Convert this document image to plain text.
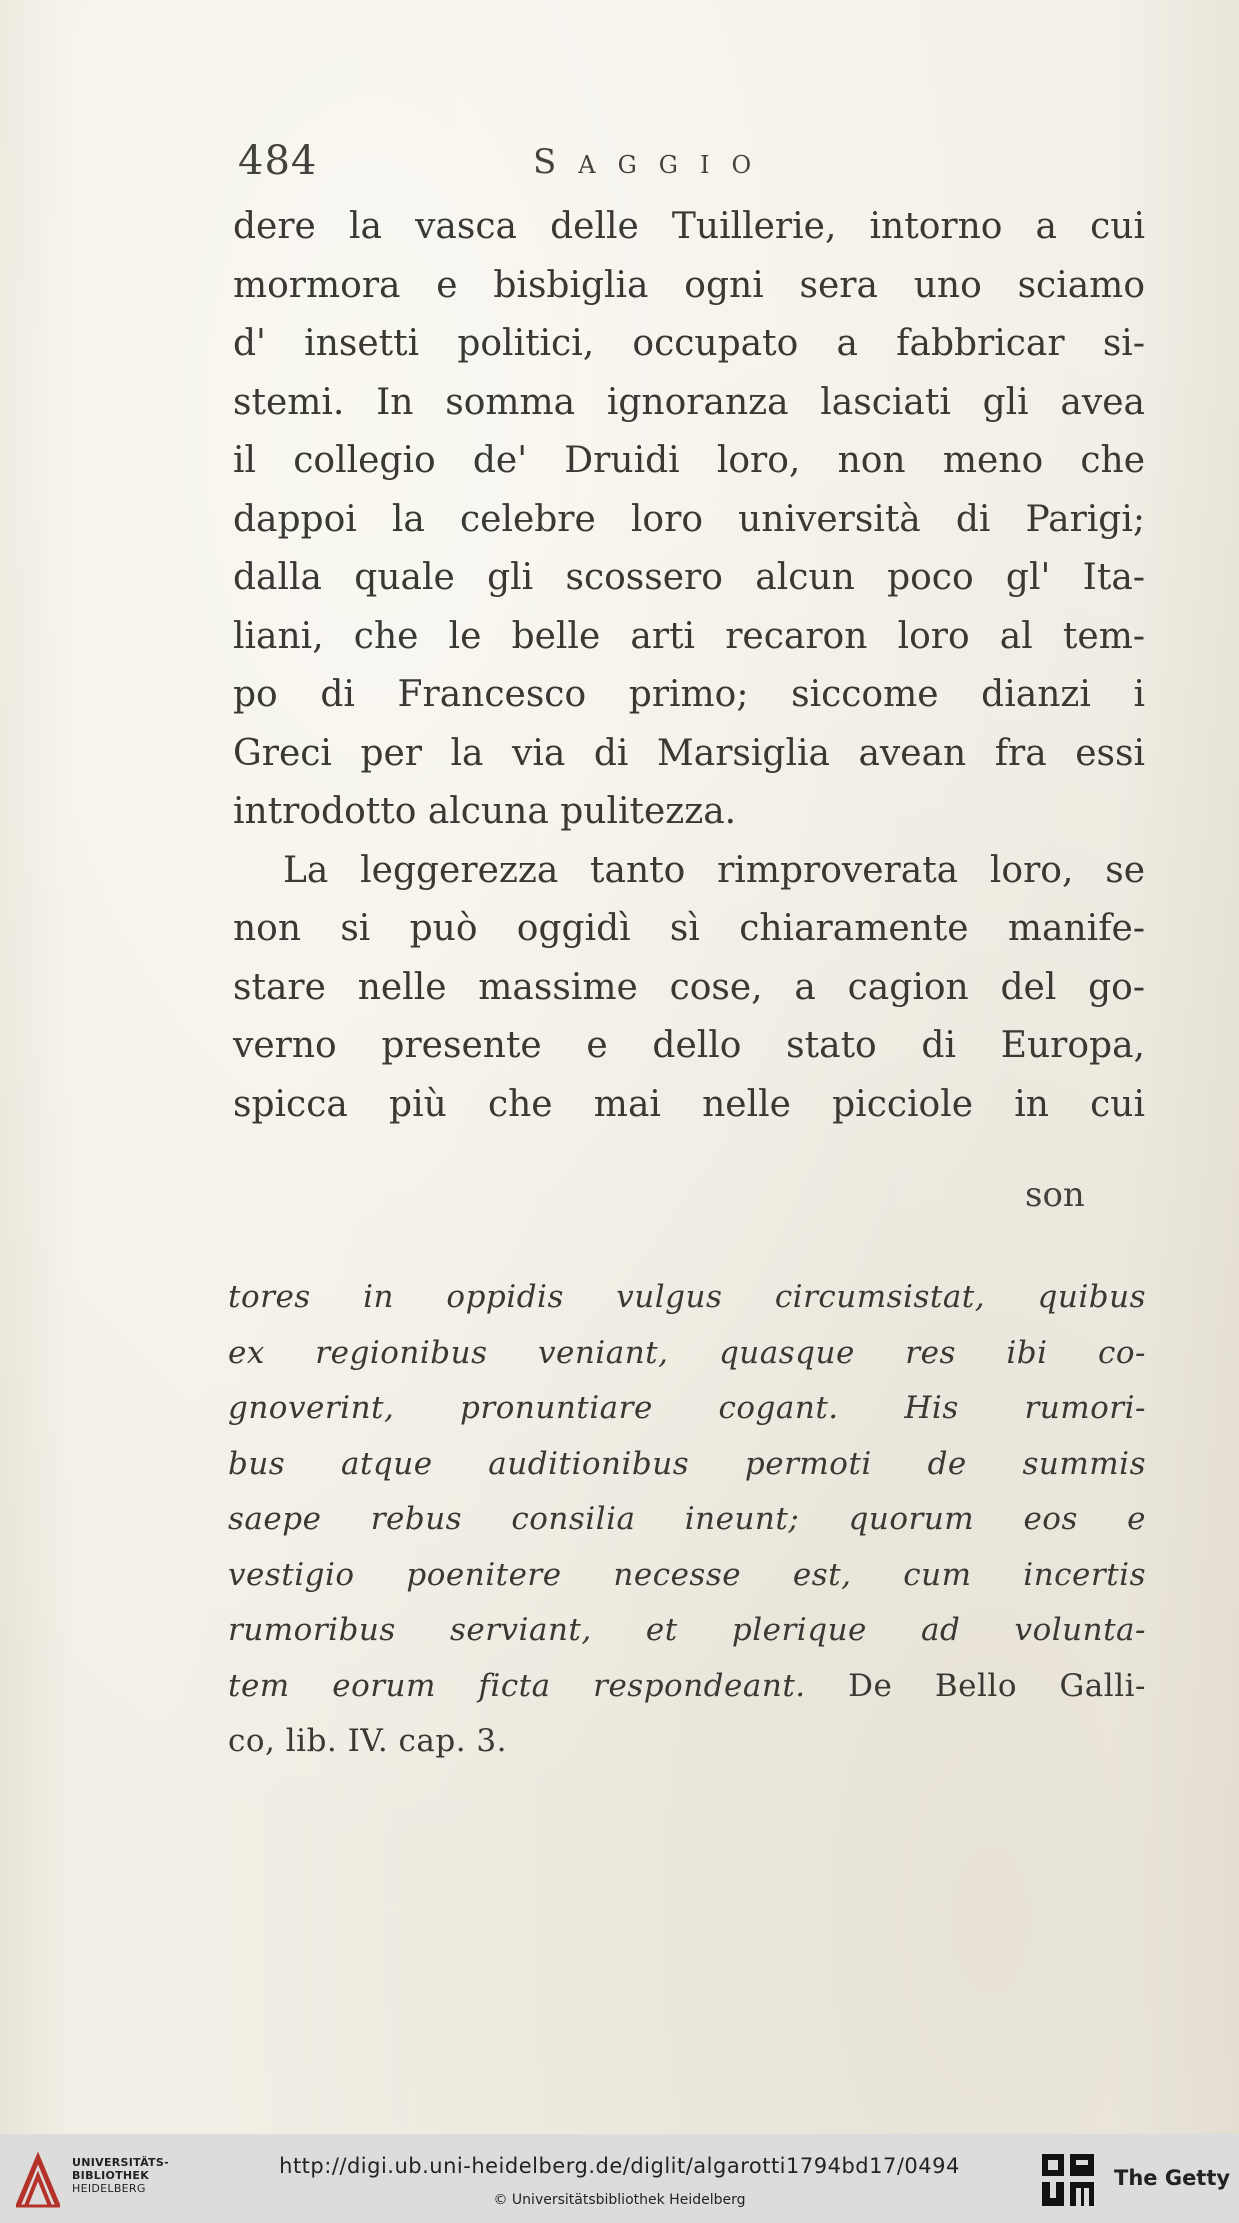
484	Saggio
dere la vasca delle Tuillerie, intorno a cui
mormora e bisbiglia ogni sera uno sciamo
d' insetti politici, occupato a fabbricar si-
stemi. In somma ignoranza lasciati gli avea
il collegio de' Druidi loro, non meno che
dappoi la celebre loro università di Parigi;
dalla quale gli scossero alcun poco gl' Ita-
liani, che le belle arti recaron loro al tem-
po di Francesco primo; siccome dianzi i
Greci per la via di Marsiglia avean fra essi
introdotto alcuna pulitezza.
La leggerezza tanto rimproverata loro, se
non si può oggidì sì chiaramente manife-
stare nelle massime cose, a cagion del go-
verno presente e dello stato di Europa,
spicca più che mai nelle picciole in cui
son
tores in oppidis vulgus circumsistat, quibus
ex regionibus veniant, quasque res ibi co-
gnoverint, pronuntiare cogant. His rumori-
bus atque auditionibus permoti de summis
saepe rebus consilia ineunt; quorum eos e
vestigio poenitere necesse est, cum incertis
rumoribus serviant, et plerique ad volunta-
tem eorum ficta respondeant. De Bello Galli-
co, lib. IV. cap. 3.
UNIVERSITÄTS-
BIBLIOTHEK
HEIDELBERG
http://digi.ub.uni-heidelberg.de/diglit/algarotti1794bd17/0494
© Universitätsbibliothek Heidelberg
The Getty
